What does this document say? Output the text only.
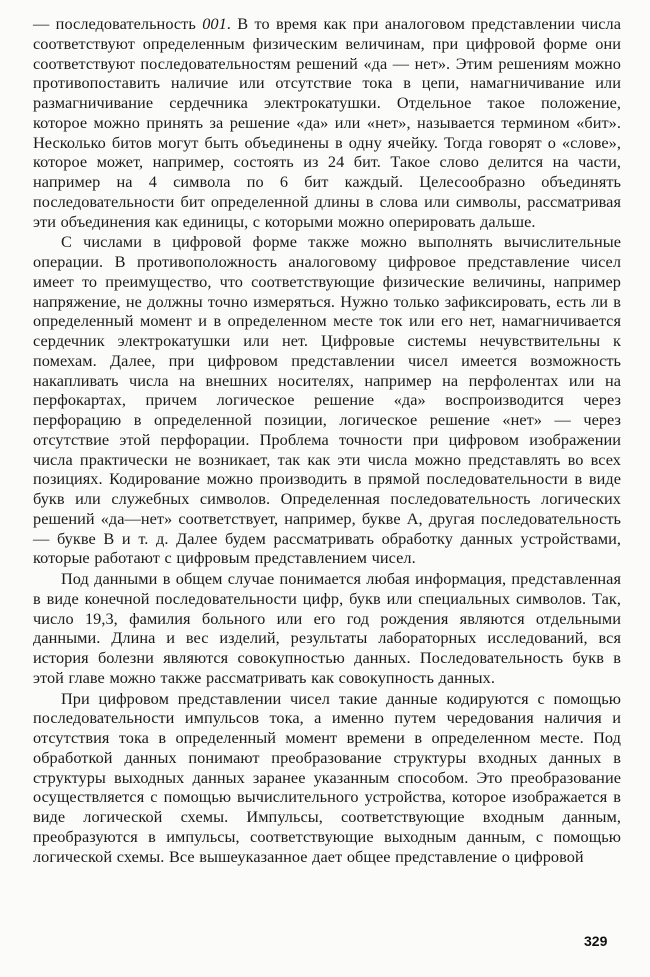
— последовательность 001. В то время как при аналоговом представлении числа соответствуют определенным физическим величинам, при цифровой форме они соответствуют последовательностям решений «да — нет». Этим решениям можно противопоставить наличие или отсутствие тока в цепи, намагничивание или размагничивание сердечника электрокатушки. Отдельное такое положение, которое можно принять за решение «да» или «нет», называется термином «бит». Несколько битов могут быть объединены в одну ячейку. Тогда говорят о «слове», которое может, например, состоять из 24 бит. Такое слово делится на части, например на 4 символа по 6 бит каждый. Целесообразно объединять последовательности бит определенной длины в слова или символы, рассматривая эти объединения как единицы, с которыми можно оперировать дальше.

С числами в цифровой форме также можно выполнять вычислительные операции. В противоположность аналоговому цифровое представление чисел имеет то преимущество, что соответствующие физические величины, например напряжение, не должны точно измеряться. Нужно только зафиксировать, есть ли в определенный момент и в определенном месте ток или его нет, намагничивается сердечник электрокатушки или нет. Цифровые системы нечувствительны к помехам. Далее, при цифровом представлении чисел имеется возможность накапливать числа на внешних носителях, например на перфолентах или на перфокартах, причем логическое решение «да» воспроизводится через перфорацию в определенной позиции, логическое решение «нет» — через отсутствие этой перфорации. Проблема точности при цифровом изображении числа практически не возникает, так как эти числа можно представлять во всех позициях. Кодирование можно производить в прямой последовательности в виде букв или служебных символов. Определенная последовательность логических решений «да—нет» соответствует, например, букве А, другая последовательность — букве В и т. д. Далее будем рассматривать обработку данных устройствами, которые работают с цифровым представлением чисел.

Под данными в общем случае понимается любая информация, представленная в виде конечной последовательности цифр, букв или специальных символов. Так, число 19,3, фамилия больного или его год рождения являются отдельными данными. Длина и вес изделий, результаты лабораторных исследований, вся история болезни являются совокупностью данных. Последовательность букв в этой главе можно также рассматривать как совокупность данных.

При цифровом представлении чисел такие данные кодируются с помощью последовательности импульсов тока, а именно путем чередования наличия и отсутствия тока в определенный момент времени в определенном месте. Под обработкой данных понимают преобразование структуры входных данных в структуры выходных данных заранее указанным способом. Это преобразование осуществляется с помощью вычислительного устройства, которое изображается в виде логической схемы. Импульсы, соответствующие входным данным, преобразуются в импульсы, соответствующие выходным данным, с помощью логической схемы. Все вышеуказанное дает общее представление о цифровой

329
